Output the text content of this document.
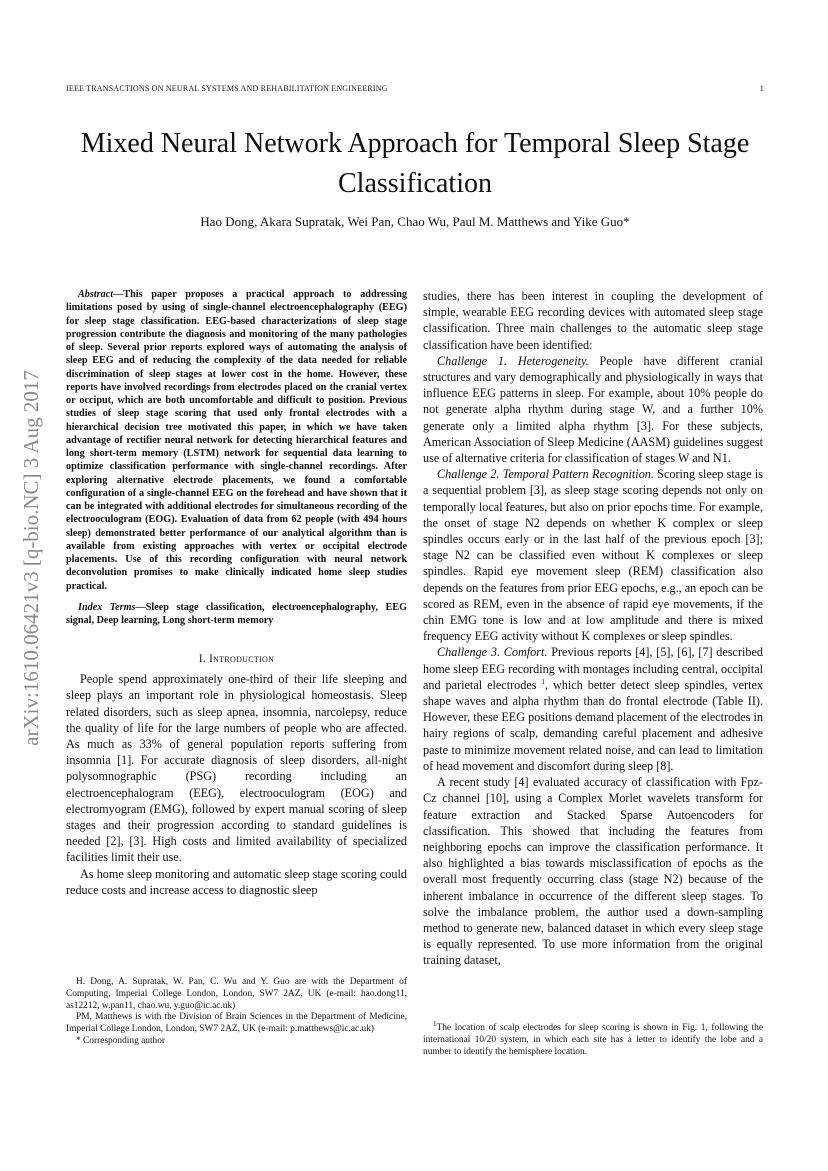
IEEE TRANSACTIONS ON NEURAL SYSTEMS AND REHABILITATION ENGINEERING	1
arXiv:1610.06421v3 [q-bio.NC] 3 Aug 2017
Mixed Neural Network Approach for Temporal Sleep Stage Classification
Hao Dong, Akara Supratak, Wei Pan, Chao Wu, Paul M. Matthews and Yike Guo*

Abstract—This paper proposes a practical approach to addressing limitations posed by using of single-channel electroencephalography (EEG) for sleep stage classification. EEG-based characterizations of sleep stage progression contribute the diagnosis and monitoring of the many pathologies of sleep. Several prior reports explored ways of automating the analysis of sleep EEG and of reducing the complexity of the data needed for reliable discrimination of sleep stages at lower cost in the home. However, these reports have involved recordings from electrodes placed on the cranial vertex or occiput, which are both uncomfortable and difficult to position. Previous studies of sleep stage scoring that used only frontal electrodes with a hierarchical decision tree motivated this paper, in which we have taken advantage of rectifier neural network for detecting hierarchical features and long short-term memory (LSTM) network for sequential data learning to optimize classification performance with single-channel recordings. After exploring alternative electrode placements, we found a comfortable configuration of a single-channel EEG on the forehead and have shown that it can be integrated with additional electrodes for simultaneous recording of the electrooculogram (EOG). Evaluation of data from 62 people (with 494 hours sleep) demonstrated better performance of our analytical algorithm than is available from existing approaches with vertex or occipital electrode placements. Use of this recording configuration with neural network deconvolution promises to make clinically indicated home sleep studies practical.

Index Terms—Sleep stage classification, electroencephalography, EEG signal, Deep learning, Long short-term memory
I. Introduction

People spend approximately one-third of their life sleeping and sleep plays an important role in physiological homeostasis. Sleep related disorders, such as sleep apnea, insomnia, narcolepsy, reduce the quality of life for the large numbers of people who are affected. As much as 33% of general population reports suffering from insomnia [1]. For accurate diagnosis of sleep disorders, all-night polysomnographic (PSG) recording including an electroencephalogram (EEG), electrooculogram (EOG) and electromyogram (EMG), followed by expert manual scoring of sleep stages and their progression according to standard guidelines is needed [2], [3]. High costs and limited availability of specialized facilities limit their use.

As home sleep monitoring and automatic sleep stage scoring could reduce costs and increase access to diagnostic sleep

H. Dong, A. Supratak, W. Pan, C. Wu and Y. Guo are with the Department of Computing, Imperial College London, London, SW7 2AZ, UK (e-mail: hao.dong11, as12212, w.pan11, chao.wu, y.guo@ic.ac.uk)

PM, Matthews is with the Division of Brain Sciences in the Department of Medicine, Imperial College London, London, SW7 2AZ, UK (e-mail: p.matthews@ic.ac.uk)

* Corresponding author

studies, there has been interest in coupling the development of simple, wearable EEG recording devices with automated sleep stage classification. Three main challenges to the automatic sleep stage classification have been identified:

Challenge 1. Heterogeneity. People have different cranial structures and vary demographically and physiologically in ways that influence EEG patterns in sleep. For example, about 10% people do not generate alpha rhythm during stage W, and a further 10% generate only a limited alpha rhythm [3]. For these subjects, American Association of Sleep Medicine (AASM) guidelines suggest use of alternative criteria for classification of stages W and N1.

Challenge 2. Temporal Pattern Recognition. Scoring sleep stage is a sequential problem [3], as sleep stage scoring depends not only on temporally local features, but also on prior epochs time. For example, the onset of stage N2 depends on whether K complex or sleep spindles occurs early or in the last half of the previous epoch [3]; stage N2 can be classified even without K complexes or sleep spindles. Rapid eye movement sleep (REM) classification also depends on the features from prior EEG epochs, e.g., an epoch can be scored as REM, even in the absence of rapid eye movements, if the chin EMG tone is low and at low amplitude and there is mixed frequency EEG activity without K complexes or sleep spindles.

Challenge 3. Comfort. Previous reports [4], [5], [6], [7] described home sleep EEG recording with montages including central, occipital and parietal electrodes $^1$, which better detect sleep spindles, vertex shape waves and alpha rhythm than do frontal electrode (Table II). However, these EEG positions demand placement of the electrodes in hairy regions of scalp, demanding careful placement and adhesive paste to minimize movement related noise, and can lead to limitation of head movement and discomfort during sleep [8].

A recent study [4] evaluated accuracy of classification with Fpz-Cz channel [10], using a Complex Morlet wavelets transform for feature extraction and Stacked Sparse Autoencoders for classification. This showed that including the features from neighboring epochs can improve the classification performance. It also highlighted a bias towards misclassification of epochs as the overall most frequently occurring class (stage N2) because of the inherent imbalance in occurrence of the different sleep stages. To solve the imbalance problem, the author used a down-sampling method to generate new, balanced dataset in which every sleep stage is equally represented. To use more information from the original training dataset,

$^1$The location of scalp electrodes for sleep scoring is shown in Fig. 1, following the international 10/20 system, in which each site has a letter to identify the lobe and a number to identify the hemisphere location.
